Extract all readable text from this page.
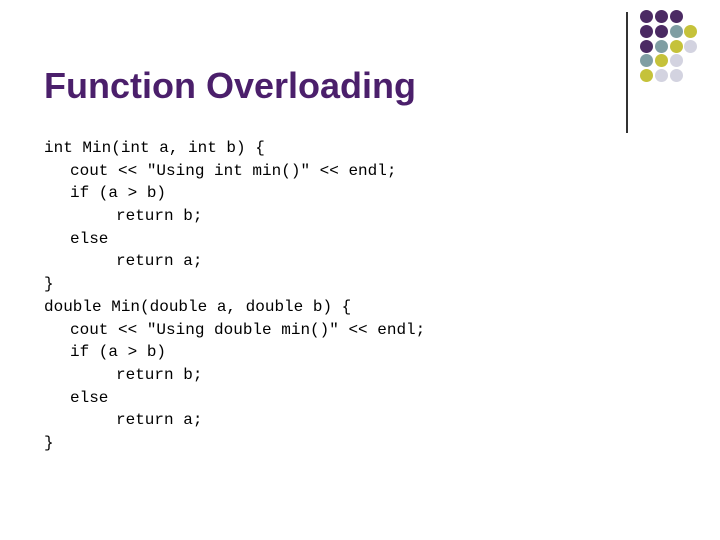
Function Overloading
int Min(int a, int b) {
cout << "Using int min()" << endl;
if (a > b)
return b;
else
return a;
}
double Min(double a, double b) {
cout << "Using double min()" << endl;
if (a > b)
return b;
else
return a;
}
